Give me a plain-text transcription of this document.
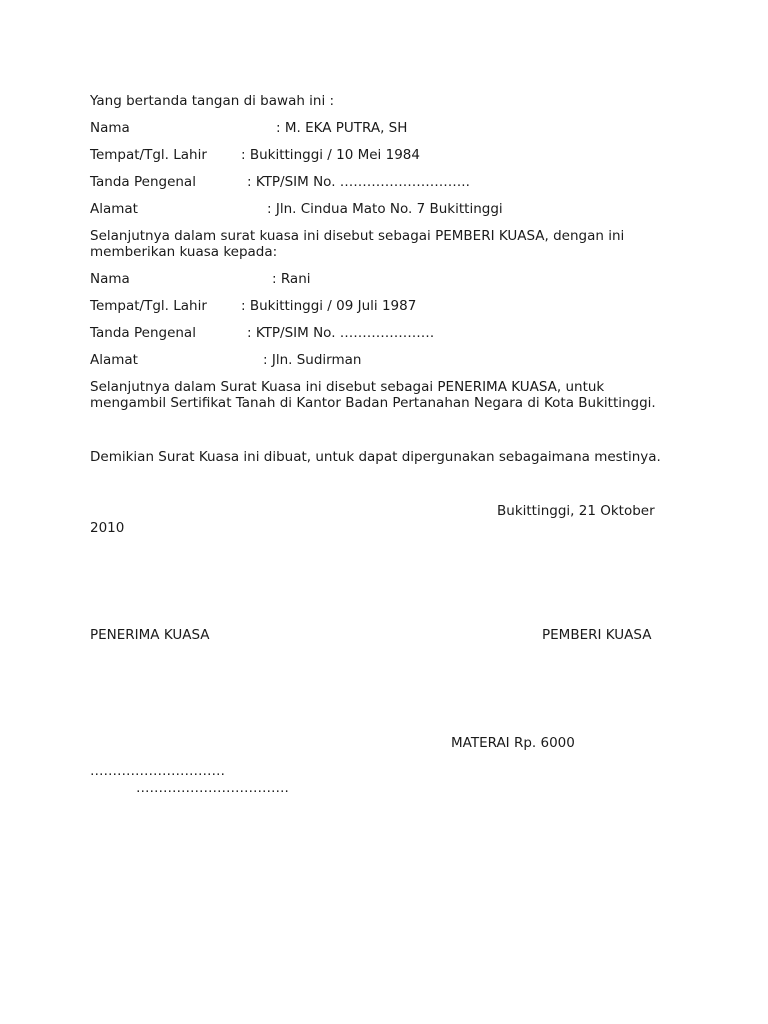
Yang bertanda tangan di bawah ini :
Nama	: M. EKA PUTRA, SH
Tempat/Tgl. Lahir	: Bukittinggi / 10 Mei 1984
Tanda Pengenal	: KTP/SIM No. ………………………..
Alamat	: Jln. Cindua Mato No. 7 Bukittinggi
Selanjutnya dalam surat kuasa ini disebut sebagai PEMBERI KUASA, dengan ini memberikan kuasa kepada:
Nama	: Rani
Tempat/Tgl. Lahir	: Bukittinggi / 09 Juli 1987
Tanda Pengenal	: KTP/SIM No. …………………
Alamat	: Jln. Sudirman
Selanjutnya dalam Surat Kuasa ini disebut sebagai PENERIMA KUASA, untuk mengambil Sertifikat Tanah di Kantor Badan Pertanahan Negara di Kota Bukittinggi.
Demikian Surat Kuasa ini dibuat, untuk dapat dipergunakan sebagaimana mestinya.
Bukittinggi, 21 Oktober
2010
PENERIMA KUASA	PEMBERI KUASA
MATERAI Rp. 6000
…………………………
…………………………….
